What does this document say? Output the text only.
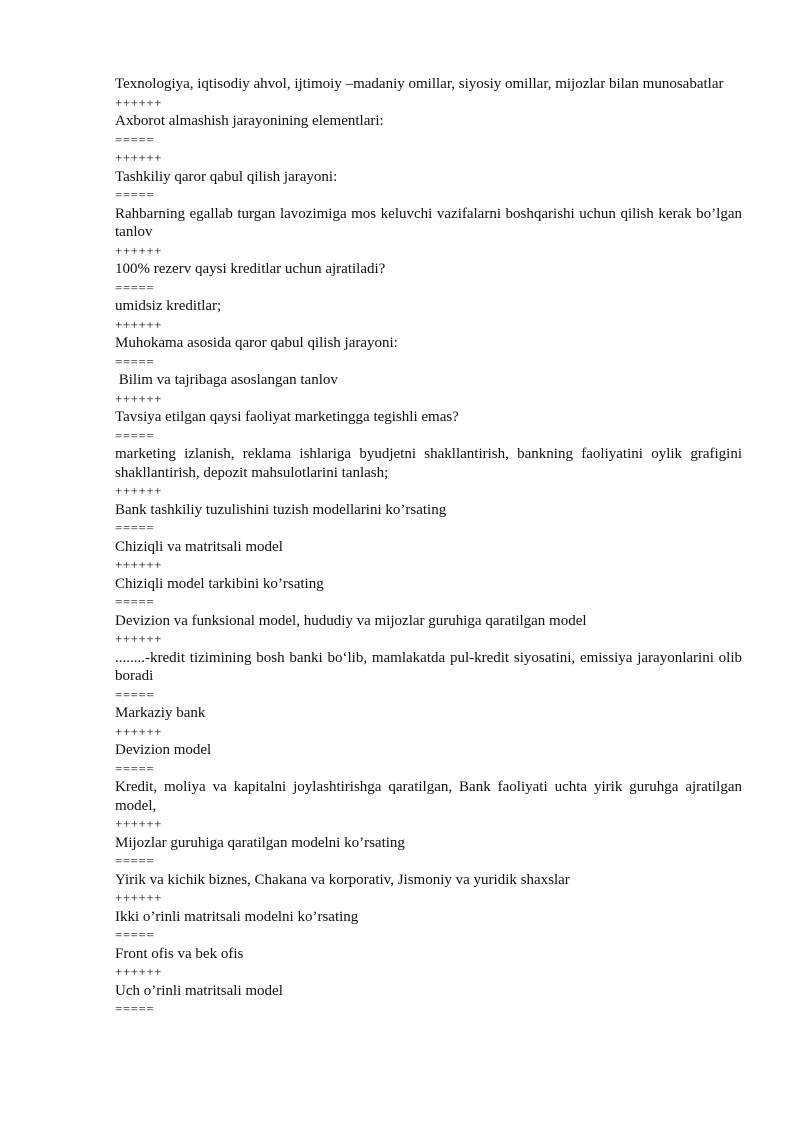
Texnologiya, iqtisodiy ahvol, ijtimoiy –madaniy omillar, siyosiy omillar, mijozlar bilan munosabatlar
++++++
Axborot almashish jarayonining elementlari:
=====
++++++
Tashkiliy qaror qabul qilish jarayoni:
=====
Rahbarning egallab turgan lavozimiga mos keluvchi vazifalarni boshqarishi uchun qilish kerak bo’lgan tanlov
++++++
100% rezerv qaysi kreditlar uchun ajratiladi?
=====
umidsiz kreditlar;
++++++
Muhokama asosida qaror qabul qilish jarayoni:
=====
Bilim va tajribaga asoslangan tanlov
++++++
Tavsiya etilgan qaysi faoliyat marketingga tegishli emas?
=====
marketing izlanish, reklama ishlariga byudjetni shakllantirish, bankning faoliyatini oylik grafigini shakllantirish, depozit mahsulotlarini tanlash;
++++++
Bank tashkiliy tuzulishini tuzish modellarini ko’rsating
=====
Chiziqli va matritsali model
++++++
Chiziqli model tarkibini ko’rsating
=====
Devizion va funksional model, hududiy va mijozlar guruhiga qaratilgan model
++++++
........-kredit tizimining bosh banki bo‘lib, mamlakatda pul-kredit siyosatini, emissiya jarayonlarini olib boradi
=====
Markaziy bank
++++++
Devizion model
=====
Kredit, moliya va kapitalni joylashtirishga qaratilgan, Bank faoliyati uchta yirik guruhga ajratilgan model,
++++++
Mijozlar guruhiga qaratilgan modelni ko’rsating
=====
Yirik va kichik biznes, Chakana va korporativ, Jismoniy va yuridik shaxslar
++++++
Ikki o’rinli matritsali modelni ko’rsating
=====
Front ofis va bek ofis
++++++
Uch o’rinli matritsali model
=====
